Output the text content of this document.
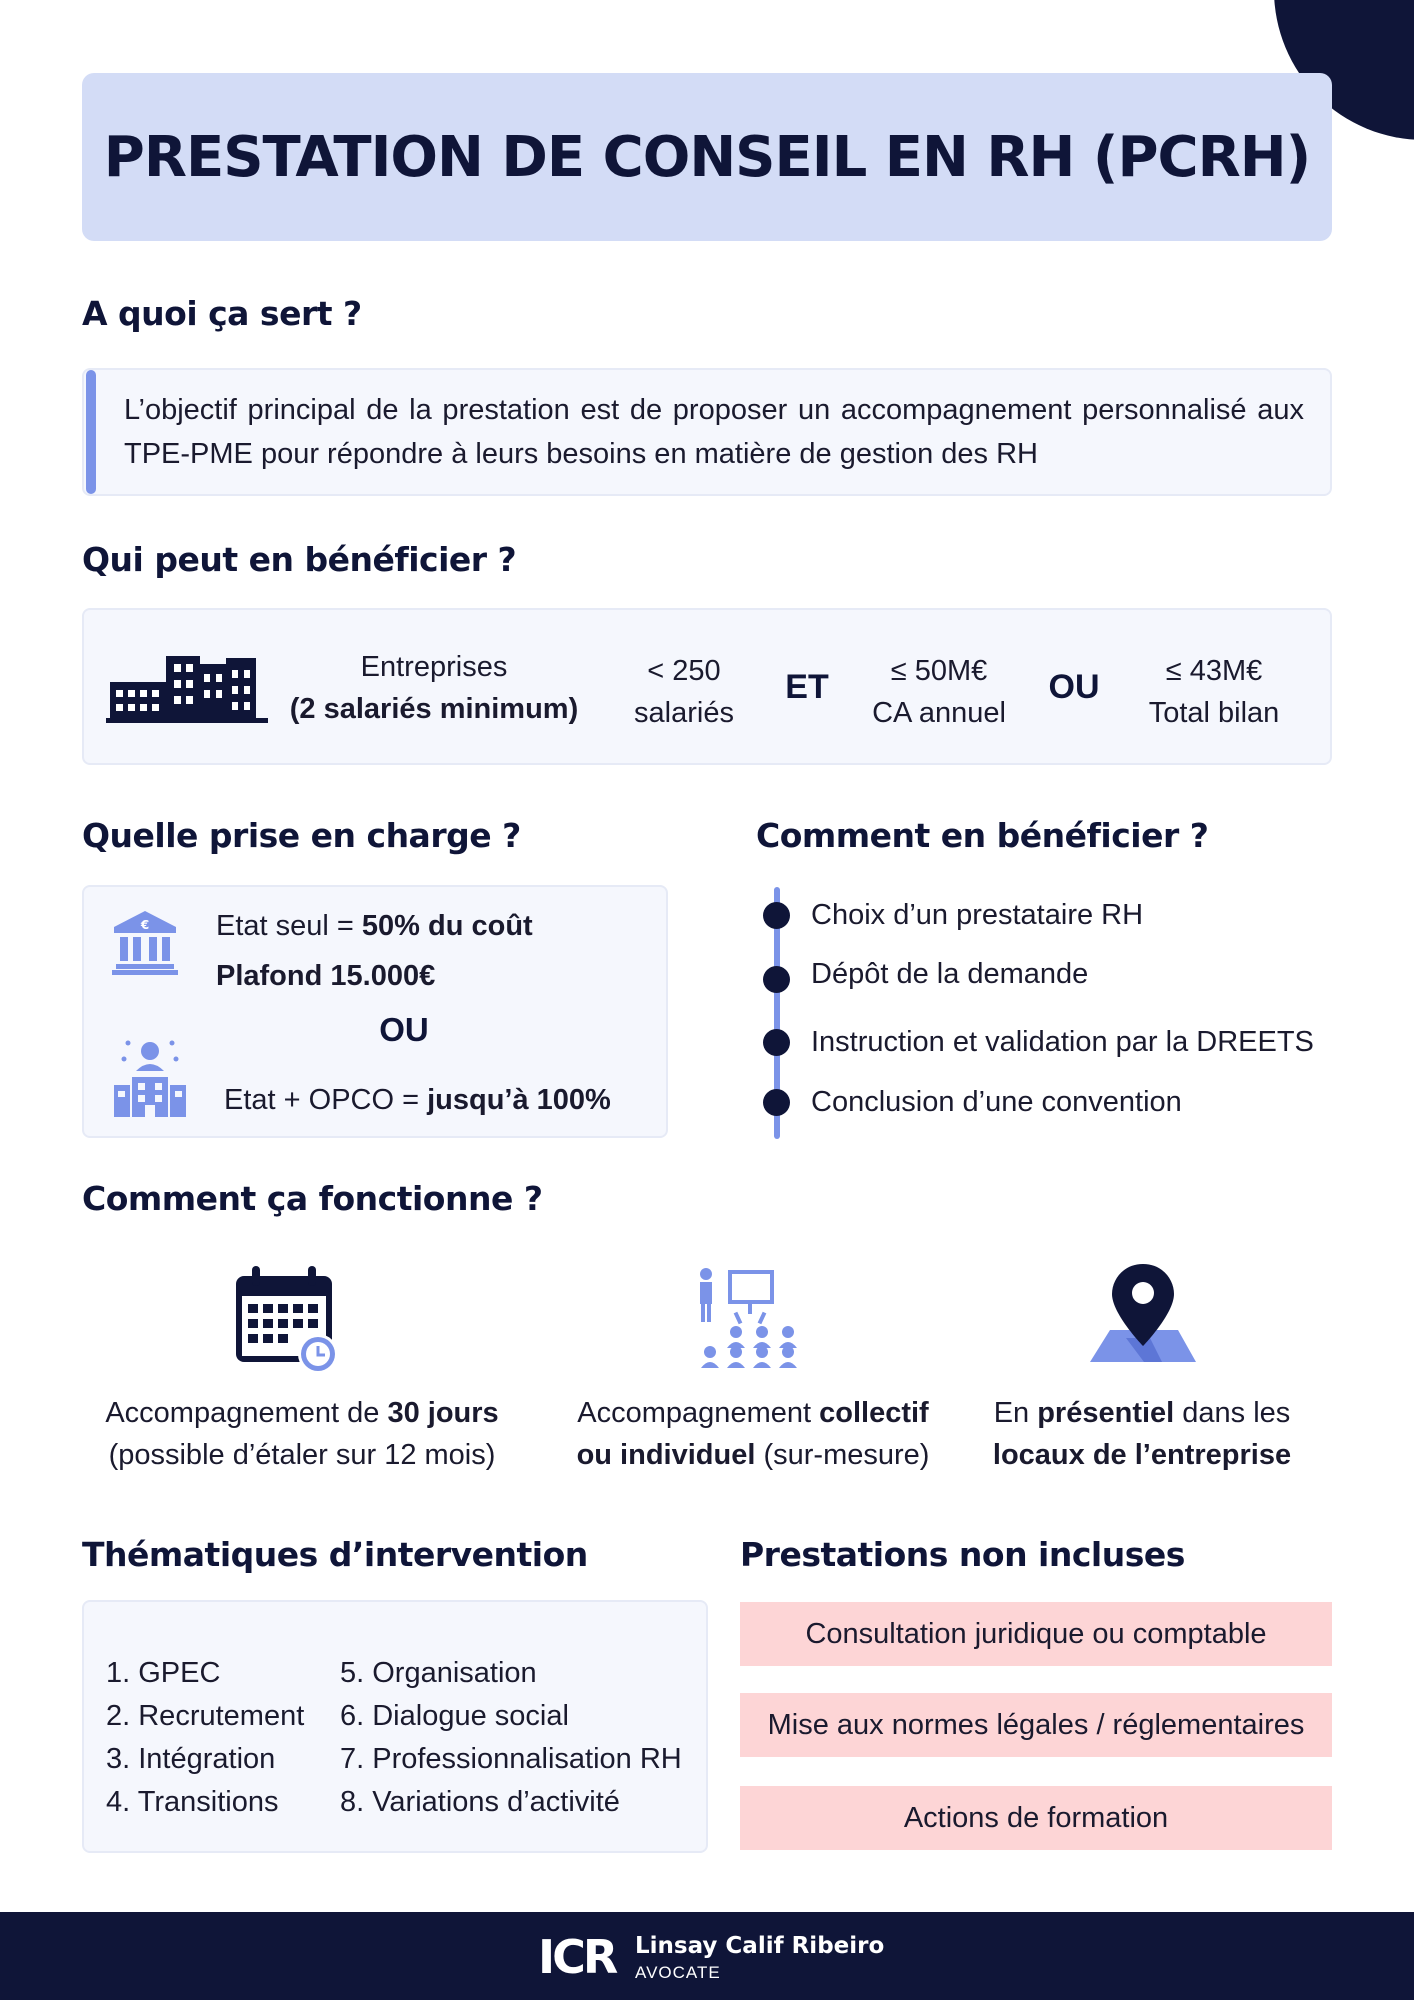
PRESTATION DE CONSEIL EN RH (PCRH)
A quoi ça sert ?

L’objectif principal de la prestation est de proposer un accompagnement personnalisé aux TPE-PME pour répondre à leurs besoins en matière de gestion des RH

Qui peut en bénéficier ?
Entreprises
(2 salariés minimum)
< 250
salariés
ET	≤ 50M€
CA annuel
OU	≤ 43M€
Total bilan
Quelle prise en charge ?
€ Etat seul = 50% du coût
Plafond 15.000€
OU
Etat + OPCO = jusqu’à 100%
Comment en bénéficier ?
Choix d’un prestataire RH
Dépôt de la demande
Instruction et validation par la DREETS
Conclusion d’une convention
Comment ça fonctionne ?
Accompagnement de 30 jours
(possible d’étaler sur 12 mois)
Accompagnement collectif
ou individuel (sur-mesure)
En présentiel dans les
locaux de l’entreprise
Thématiques d’intervention
1. GPEC
2. Recrutement
3. Intégration
4. Transitions
5. Organisation
6. Dialogue social
7. Professionnalisation RH
8. Variations d’activité
Prestations non incluses
Consultation juridique ou comptable
Mise aux normes légales / réglementaires
Actions de formation
ICR Linsay Calif Ribeiro
AVOCATE
